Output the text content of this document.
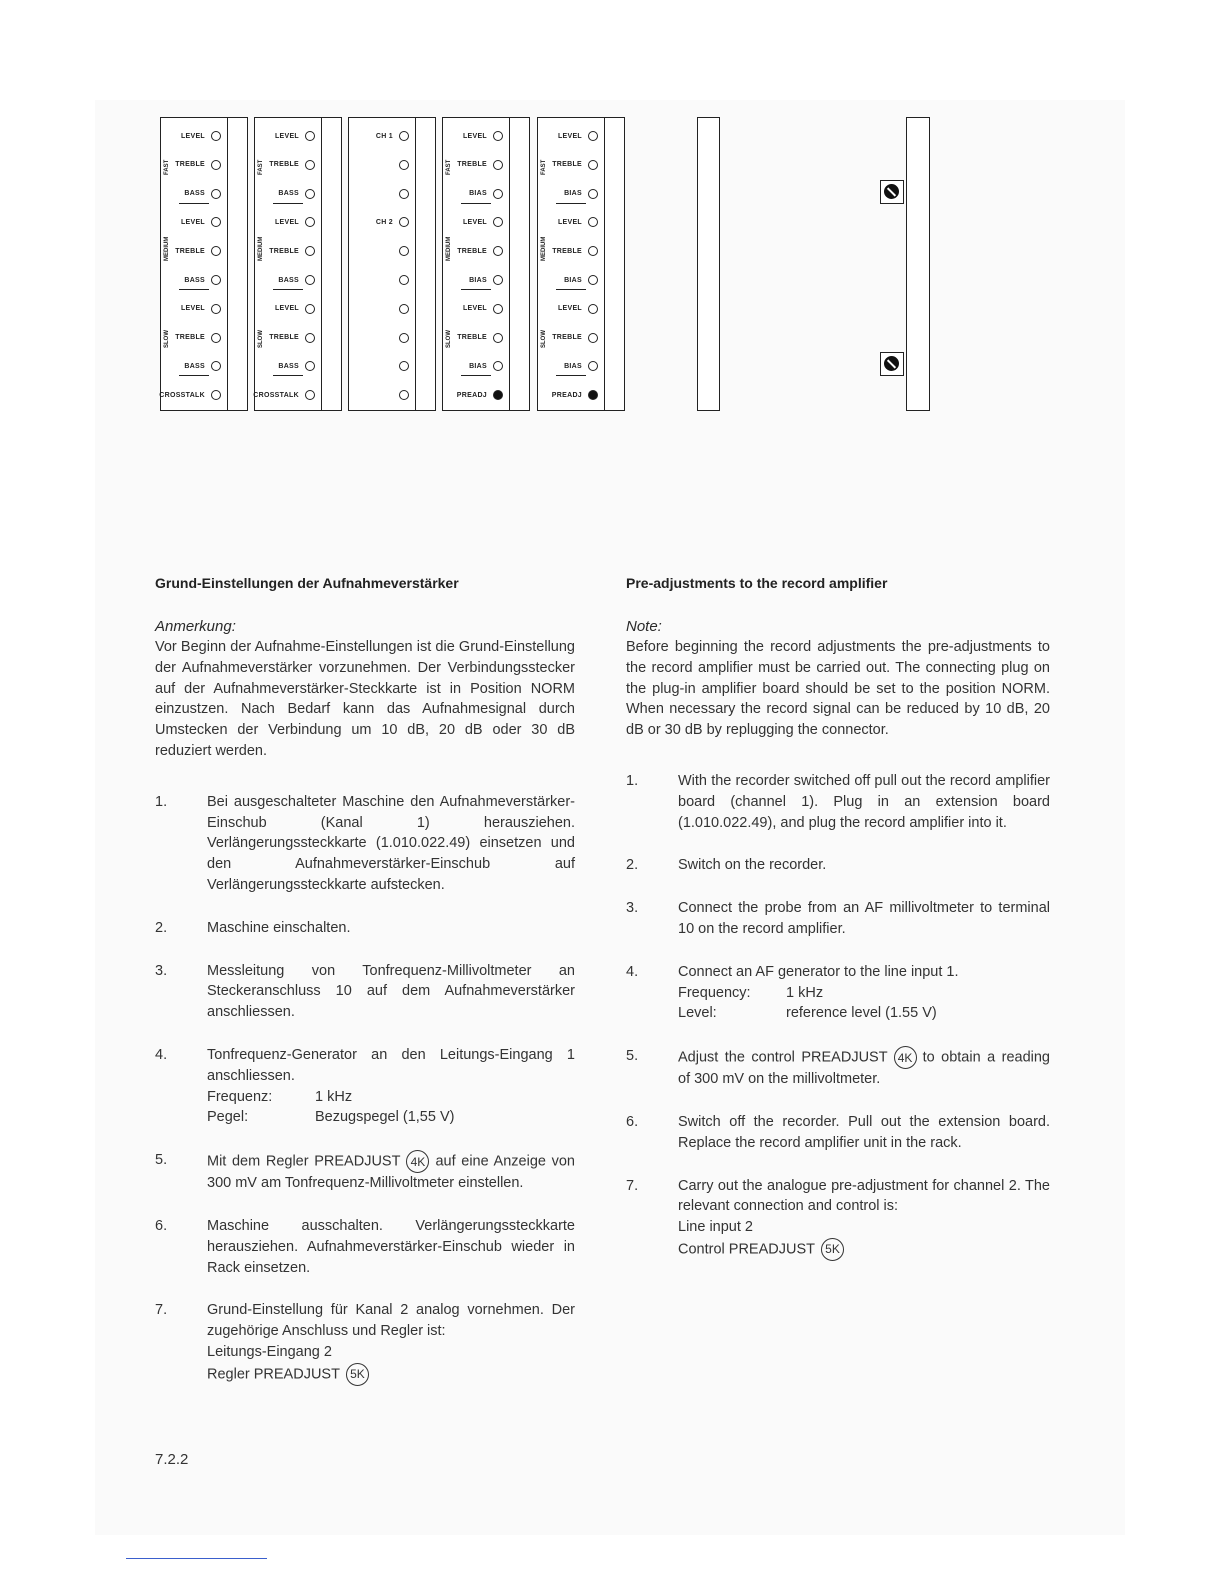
LEVEL
TREBLE
BASS
LEVEL
TREBLE
BASS
LEVEL
TREBLE
BASS
CROSSTALK
FAST
MEDIUM
SLOW
LEVEL
TREBLE
BASS
LEVEL
TREBLE
BASS
LEVEL
TREBLE
BASS
CROSSTALK
FAST
MEDIUM
SLOW
CH 1
CH 2
LEVEL
TREBLE
BIAS
LEVEL
TREBLE
BIAS
LEVEL
TREBLE
BIAS
PREADJ
FAST
MEDIUM
SLOW
LEVEL
TREBLE
BIAS
LEVEL
TREBLE
BIAS
LEVEL
TREBLE
BIAS
PREADJ
FAST
MEDIUM
SLOW

Grund-Einstellungen der Aufnahmeverstärker

Anmerkung:

Vor Beginn der Aufnahme-Einstellungen ist die Grund-Einstellung der Aufnahmeverstärker vorzunehmen. Der Verbindungsstecker auf der Aufnahmeverstärker-Steckkarte ist in Position NORM einzustzen. Nach Bedarf kann das Aufnahmesignal durch Umstecken der Verbindung um 10 dB, 20 dB oder 30 dB reduziert werden.

1.	Bei ausgeschalteter Maschine den Aufnahmeverstärker-Einschub (Kanal 1) herausziehen. Verlängerungssteckkarte (1.010.022.49) einsetzen und den Aufnahmeverstärker-Einschub auf Verlängerungssteckkarte aufstecken.
2.	Maschine einschalten.
3.	Messleitung von Tonfrequenz-Millivoltmeter an Steckeranschluss 10 auf dem Aufnahmeverstärker anschliessen.
4.	Tonfrequenz-Generator an den Leitungs-Eingang 1 anschliessen.
Frequenz:	1 kHz
Pegel:	Bezugspegel (1,55 V)
5.	Mit dem Regler PREADJUST 4K auf eine Anzeige von 300 mV am Tonfrequenz-Millivoltmeter einstellen.
6.	Maschine ausschalten. Verlängerungssteckkarte herausziehen. Aufnahmeverstärker-Einschub wieder in Rack einsetzen.
7.	Grund-Einstellung für Kanal 2 analog vornehmen. Der zugehörige Anschluss und Regler ist:
Leitungs-Eingang 2
Regler PREADJUST 5K

Pre-adjustments to the record amplifier

Note:

Before beginning the record adjustments the pre-adjustments to the record amplifier must be carried out. The connecting plug on the plug-in amplifier board should be set to the position NORM. When necessary the record signal can be reduced by 10 dB, 20 dB or 30 dB by replugging the connector.

1.	With the recorder switched off pull out the record amplifier board (channel 1). Plug in an extension board (1.010.022.49), and plug the record amplifier into it.
2.	Switch on the recorder.
3.	Connect the probe from an AF millivoltmeter to terminal 10 on the record amplifier.
4.	Connect an AF generator to the line input 1.
Frequency:	1 kHz
Level:	reference level (1.55 V)
5.	Adjust the control PREADJUST 4K to obtain a reading of 300 mV on the millivoltmeter.
6.	Switch off the recorder. Pull out the extension board. Replace the record amplifier unit in the rack.
7.	Carry out the analogue pre-adjustment for channel 2. The relevant connection and control is:
Line input 2
Control PREADJUST 5K
7.2.2
